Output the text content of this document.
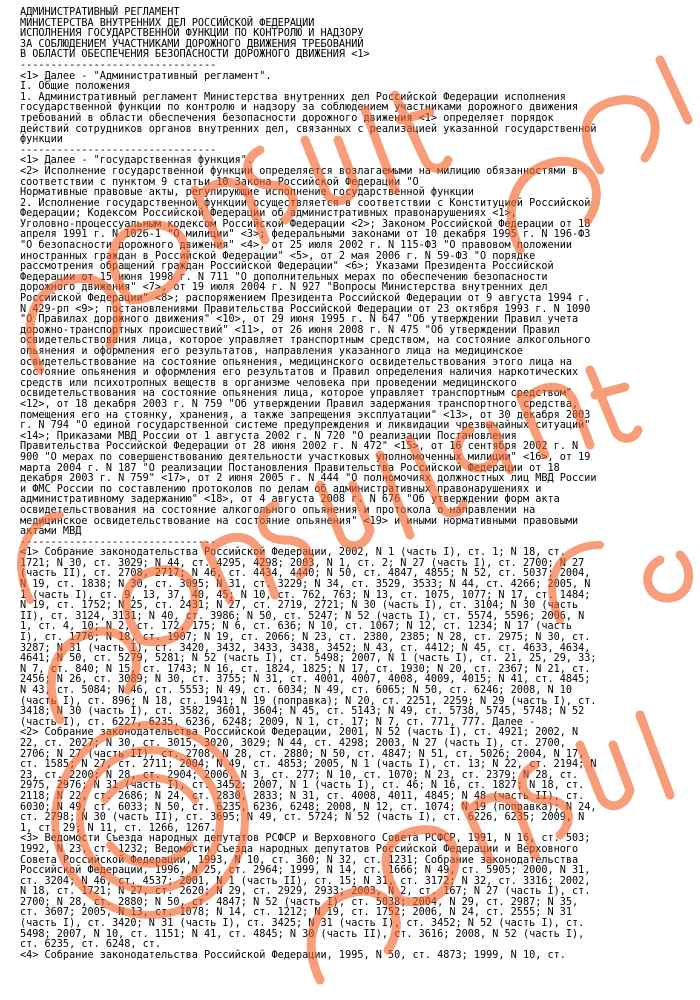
АДМИНИСТРАТИВНЫЙ РЕГЛАМЕНТ
МИНИСТЕРСТВА ВНУТРЕННИХ ДЕЛ РОССИЙСКОЙ ФЕДЕРАЦИИ
ИСПОЛНЕНИЯ ГОСУДАРСТВЕННОЙ ФУНКЦИИ ПО КОНТРОЛЮ И НАДЗОРУ
ЗА СОБЛЮДЕНИЕМ УЧАСТНИКАМИ ДОРОЖНОГО ДВИЖЕНИЯ ТРЕБОВАНИЙ
В ОБЛАСТИ ОБЕСПЕЧЕНИЯ БЕЗОПАСНОСТИ ДОРОЖНОГО ДВИЖЕНИЯ <1>
--------------------------------
<1> Далее - "Административный регламент".
I. Общие положения
1. Административный регламент Министерства внутренних дел Российской Федерации исполнения
государственной функции по контролю и надзору за соблюдением участниками дорожного движения
требований в области обеспечения безопасности дорожного движения <1> определяет порядок
действий сотрудников органов внутренних дел, связанных с реализацией указанной государственной
функции
--------------------------------
<1> Далее - "государственная функция".
<2> Исполнение государственной функции определяется возлагаемыми на милицию обязанностями в
соответствии с пунктом 9 статьи 10 Закона Российской Федерации "О
Нормативные правовые акты, регулирующие исполнение государственной функции
2. Исполнение государственной функции осуществляется в соответствии с Конституцией Российской
Федерации; Кодексом Российской Федерации об административных правонарушениях <1>,
Уголовно-процессуальным кодексом Российской Федерации <2>; Законом Российской Федерации от 18
апреля 1991 г. N 1026-1 "О милиции" <3>; федеральными законами от 10 декабря 1995 г. N 196-ФЗ
"О безопасности дорожного движения" <4>, от 25 июля 2002 г. N 115-ФЗ "О правовом положении
иностранных граждан в Российской Федерации" <5>, от 2 мая 2006 г. N 59-ФЗ "О порядке
рассмотрения обращений граждан Российской Федерации" <6>; Указами Президента Российской
Федерации от 15 июня 1998 г. N 711 "О дополнительных мерах по обеспечению безопасности
дорожного движения" <7>, от 19 июля 2004 г. N 927 "Вопросы Министерства внутренних дел
Российской Федерации" <8>; распоряжением Президента Российской Федерации от 9 августа 1994 г.
N 429-рп <9>; постановлениями Правительства Российской Федерации от 23 октября 1993 г. N 1090
"О Правилах дорожного движения" <10>, от 29 июня 1995 г. N 647 "Об утверждении Правил учета
дорожно-транспортных происшествий" <11>, от 26 июня 2008 г. N 475 "Об утверждении Правил
освидетельствования лица, которое управляет транспортным средством, на состояние алкогольного
опьянения и оформления его результатов, направления указанного лица на медицинское
освидетельствование на состояние опьянения, медицинского освидетельствования этого лица на
состояние опьянения и оформления его результатов и Правил определения наличия наркотических
средств или психотропных веществ в организме человека при проведении медицинского
освидетельствования на состояние опьянения лица, которое управляет транспортным средством"
<12>, от 18 декабря 2003 г. N 759 "Об утверждении Правил задержания транспортного средства,
помещения его на стоянку, хранения, а также запрещения эксплуатации" <13>, от 30 декабря 2003
г. N 794 "О единой государственной системе предупреждения и ликвидации чрезвычайных ситуаций"
<14>; Приказами МВД России от 1 августа 2002 г. N 720 "О реализации Постановления
Правительства Российской Федерации от 28 июня 2002 г. N 472" <15>, от 16 сентября 2002 г. N
900 "О мерах по совершенствованию деятельности участковых уполномоченных милиции" <16>, от 19
марта 2004 г. N 187 "О реализации Постановления Правительства Российской Федерации от 18
декабря 2003 г. N 759" <17>, от 2 июня 2005 г. N 444 "О полномочиях должностных лиц МВД России
и ФМС России по составлению протоколов по делам об административных правонарушениях и
административному задержанию" <18>, от 4 августа 2008 г. N 676 "Об утверждении форм акта
освидетельствования на состояние алкогольного опьянения и протокола о направлении на
медицинское освидетельствование на состояние опьянения" <19> и иными нормативными правовыми
актами МВД
--------------------------------
<1> Собрание законодательства Российской Федерации, 2002, N 1 (часть I), ст. 1; N 18, ст.
1721; N 30, ст. 3029; N 44, ст. 4295, 4298; 2003, N 1, ст. 2; N 27 (часть I), ст. 2700; N 27
(часть II), ст. 2708, 2717; N 46, ст. 4434, 4440; N 50, ст. 4847, 4855; N 52, ст. 5037; 2004,
N 19, ст. 1838; N 30, ст. 3095; N 31, ст. 3229; N 34, ст. 3529, 3533; N 44, ст. 4266; 2005, N
1 (часть I), ст. 9, 13, 37, 40, 45; N 10, ст. 762, 763; N 13, ст. 1075, 1077; N 17, ст. 1484;
N 19, ст. 1752; N 25, ст. 2431; N 27, ст. 2719, 2721; N 30 (часть I), ст. 3104; N 30 (часть
II), ст. 3124, 3131; N 40, ст. 3986; N 50, ст. 5247; N 52 (часть I), ст. 5574, 5596; 2006, N
1, ст. 4, 10; N 2, ст. 172, 175; N 6, ст. 636; N 10, ст. 1067; N 12, ст. 1234; N 17 (часть
I), ст. 1776; N 18, ст. 1907; N 19, ст. 2066; N 23, ст. 2380, 2385; N 28, ст. 2975; N 30, ст.
3287; N 31 (часть I), ст. 3420, 3432, 3433, 3438, 3452; N 43, ст. 4412; N 45, ст. 4633, 4634,
4641; N 50, ст. 5279, 5281; N 52 (часть I), ст. 5498; 2007, N 1 (часть I), ст. 21, 25, 29, 33;
N 7, ст. 840; N 15, ст. 1743; N 16, ст. 1824, 1825; N 17, ст. 1930; N 20, ст. 2367; N 21, ст.
2456; N 26, ст. 3089; N 30, ст. 3755; N 31, ст. 4001, 4007, 4008, 4009, 4015; N 41, ст. 4845;
N 43, ст. 5084; N 46, ст. 5553; N 49, ст. 6034; N 49, ст. 6065; N 50, ст. 6246; 2008, N 10
(часть I), ст. 896; N 18, ст. 1941; N 19 (поправка); N 20, ст. 2251, 2259; N 29 (часть I), ст.
3418; N 30 (часть I), ст. 3582, 3601, 3604; N 45, ст. 5143; N 49, ст. 5738, 5745, 5748; N 52
(часть I), ст. 6227, 6235, 6236, 6248; 2009, N 1, ст. 17; N 7, ст. 771, 777. Далее -
<2> Собрание законодательства Российской Федерации, 2001, N 52 (часть I), ст. 4921; 2002, N
22, ст. 2027; N 30, ст. 3015, 3020, 3029; N 44, ст. 4298; 2003, N 27 (часть I), ст. 2700,
2706; N 27 (часть II), ст. 2708, N 28, ст. 2880; N 50, ст. 4847; N 51, ст. 5026; 2004, N 17,
ст. 1585; N 27, ст. 2711; 2004; N 49, ст. 4853; 2005, N 1 (часть I), ст. 13; N 22, ст. 2194; N
23, ст. 2200; N 28, ст. 2904; 2006, N 3, ст. 277; N 10, ст. 1070; N 23, ст. 2379; N 28, ст.
2975, 2976; N 31 (часть I), ст. 3452; 2007, N 1 (часть I), ст. 46; N 16, ст. 1827; N 18, ст.
2118; N 22, ст. 2686; N 24, ст. 2830, 2833; N 31, ст. 4008, 4011, 4845; N 48 (часть II), ст.
6030; N 49, ст. 6033; N 50, ст. 6235, 6236, 6248; 2008, N 12, ст. 1074; N 19 (поправка); N 24,
ст. 2798; N 30 (часть II), ст. 3695; N 49, ст. 5724; N 52 (часть I), ст. 6226, 6235; 2009, N
1, ст. 29; N 11, ст. 1266, 1267.
<3> Ведомости Съезда народных депутатов РСФСР и Верховного Совета РСФСР, 1991, N 16, ст. 503;
1992, N 23, ст. 1232; Ведомости Съезда народных депутатов Российской Федерации и Верховного
Совета Российской Федерации, 1993, N 10, ст. 360; N 32, ст. 1231; Собрание законодательства
Российской Федерации, 1996, N 25, ст. 2964; 1999, N 14, ст. 1666; N 49, ст. 5905; 2000, N 31,
ст. 3204; N 46, ст. 4537; 2001, N 1 (часть II), ст. 15; N 31, ст. 3172; N 32, ст. 3316; 2002,
N 18, ст. 1721; N 27, ст. 2620; N 29, ст. 2929, 2933; 2003, N 2, ст. 167; N 27 (часть I), ст.
2700; N 28, ст. 2880; N 50, ст. 4847; N 52 (часть I), ст. 5038; 2004, N 29, ст. 2987; N 35,
ст. 3607; 2005, N 13, ст. 1078; N 14, ст. 1212; N 19, ст. 1752; 2006, N 24, ст. 2555; N 31
(часть I), ст. 3420; N 31 (часть I), ст. 3425; N 31 (часть I), ст. 3452; N 52 (часть I), ст.
5498; 2007, N 10, ст. 1151; N 41, ст. 4845; N 30 (часть II), ст. 3616; 2008, N 52 (часть I),
ст. 6235, ст. 6248, ст.
<4> Собрание законодательства Российской Федерации, 1995, N 50, ст. 4873; 1999, N 10, ст.
